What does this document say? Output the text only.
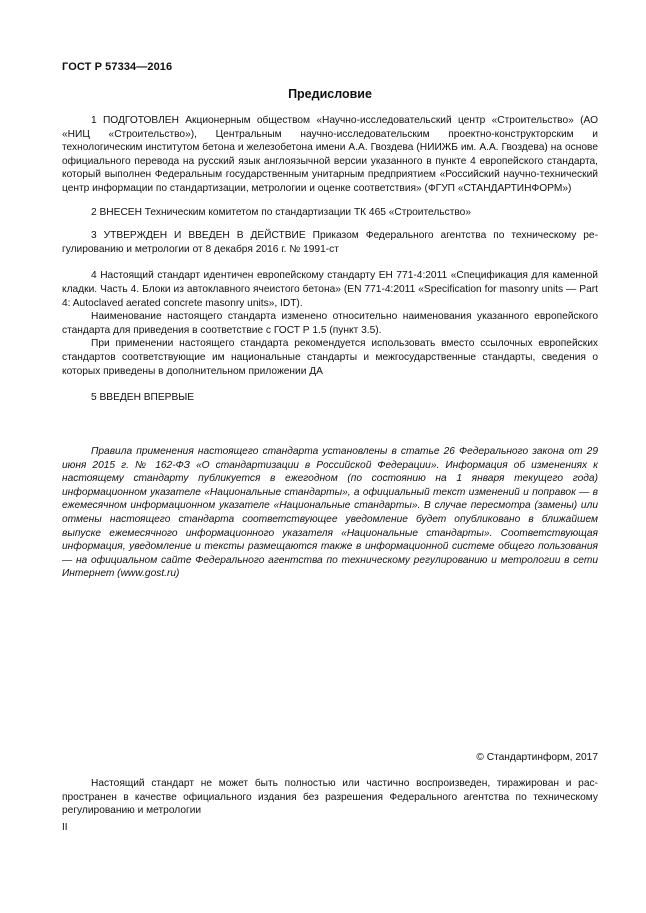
ГОСТ Р 57334—2016
Предисловие

1 ПОДГОТОВЛЕН Акционерным обществом «Научно-исследовательский центр «Строительство» (АО «НИЦ «Строительство»), Центральным научно-исследовательским проектно-конструкторским и технологическим институтом бетона и железобетона имени А.А. Гвоздева (НИИЖБ им. А.А. Гвоздева) на основе официального перевода на русский язык англоязычной версии указанного в пункте 4 европейского стандарта, который выполнен Федеральным государственным унитарным предприятием «Российский научно-технический центр информации по стандартизации, метрологии и оценке соответствия» (ФГУП «СТАНДАРТИНФОРМ»)

2 ВНЕСЕН Техническим комитетом по стандартизации ТК 465 «Строительство»

3 УТВЕРЖДЕН И ВВЕДЕН В ДЕЙСТВИЕ Приказом Федерального агентства по техническому регулированию и метрологии от 8 декабря 2016 г. № 1991-ст

4 Настоящий стандарт идентичен европейскому стандарту ЕН 771-4:2011 «Спецификация для каменной кладки. Часть 4. Блоки из автоклавного ячеистого бетона» (EN 771-4:2011 «Specification for masonry units — Part 4: Autoclaved aerated concrete masonry units», IDT).

Наименование настоящего стандарта изменено относительно наименования указанного европейского стандарта для приведения в соответствие с ГОСТ Р 1.5 (пункт 3.5).

При применении настоящего стандарта рекомендуется использовать вместо ссылочных европейских стандартов соответствующие им национальные стандарты и межгосударственные стандарты, сведения о которых приведены в дополнительном приложении ДА

5 ВВЕДЕН ВПЕРВЫЕ

Правила применения настоящего стандарта установлены в статье 26 Федерального закона от 29 июня 2015 г. № 162-ФЗ «О стандартизации в Российской Федерации». Информация об изменениях к настоящему стандарту публикуется в ежегодном (по состоянию на 1 января текущего года) информационном указателе «Национальные стандарты», а официальный текст изменений и поправок — в ежемесячном информационном указателе «Национальные стандарты». В случае пересмотра (замены) или отмены настоящего стандарта соответствующее уведомление будет опубликовано в ближайшем выпуске ежемесячного информационного указателя «Национальные стандарты». Соответствующая информация, уведомление и тексты размещаются также в информационной системе общего пользования — на официальном сайте Федерального агентства по техническому регулированию и метрологии в сети Интернет (www.gost.ru)

© Стандартинформ, 2017

Настоящий стандарт не может быть полностью или частично воспроизведен, тиражирован и распространен в качестве официального издания без разрешения Федерального агентства по техническому регулированию и метрологии

II
